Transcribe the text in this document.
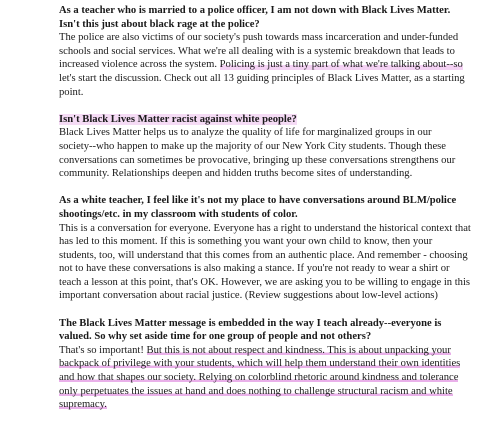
As a teacher who is married to a police officer, I am not down with Black Lives Matter.
Isn't this just about black rage at the police?
The police are also victims of our society's push towards mass incarceration and under-funded
schools and social services. What we're all dealing with is a systemic breakdown that leads to
increased violence across the system. Policing is just a tiny part of what we're talking about--so
let's start the discussion. Check out all 13 guiding principles of Black Lives Matter, as a starting
point.
Isn't Black Lives Matter racist against white people?
Black Lives Matter helps us to analyze the quality of life for marginalized groups in our
society--who happen to make up the majority of our New York City students. Though these
conversations can sometimes be provocative, bringing up these conversations strengthens our
community. Relationships deepen and hidden truths become sites of understanding.
As a white teacher, I feel like it's not my place to have conversations around BLM/police
shootings/etc. in my classroom with students of color.
This is a conversation for everyone. Everyone has a right to understand the historical context that
has led to this moment. If this is something you want your own child to know, then your
students, too, will understand that this comes from an authentic place. And remember - choosing
not to have these conversations is also making a stance. If you're not ready to wear a shirt or
teach a lesson at this point, that's OK. However, we are asking you to be willing to engage in this
important conversation about racial justice. (Review suggestions about low-level actions)
The Black Lives Matter message is embedded in the way I teach already--everyone is
valued. So why set aside time for one group of people and not others?
That's so important! But this is not about respect and kindness. This is about unpacking your
backpack of privilege with your students, which will help them understand their own identities
and how that shapes our society. Relying on colorblind rhetoric around kindness and tolerance
only perpetuates the issues at hand and does nothing to challenge structural racism and white
supremacy.
